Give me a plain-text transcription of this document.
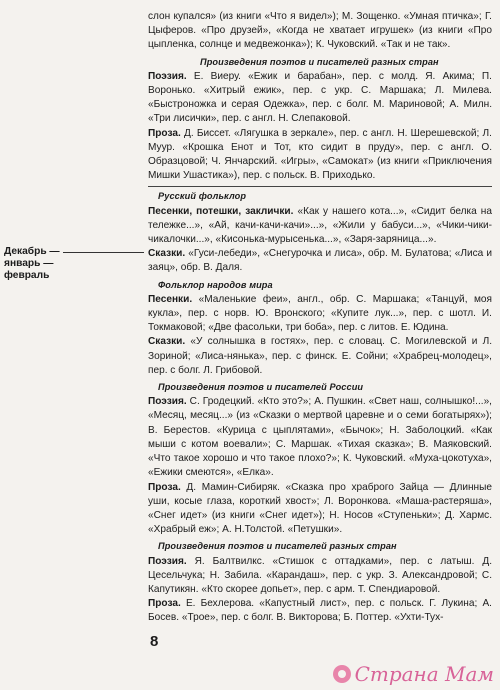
слон купался» (из книги «Что я видел»); М. Зощенко. «Умная птичка»; Г. Цыферов. «Про друзей», «Когда не хватает игрушек» (из книги «Про цыпленка, солнце и медвежонка»); К. Чуковский. «Так и не так».

Произведения поэтов и писателей разных стран

Поэзия. Е. Виеру. «Ежик и барабан», пер. с молд. Я. Акима; П. Воронько. «Хитрый ежик», пер. с укр. С. Маршака; Л. Милева. «Быстроножка и серая Одежка», пер. с болг. М. Мариновой; А. Милн. «Три лисички», пер. с англ. Н. Слепаковой.

Проза. Д. Биссет. «Лягушка в зеркале», пер. с англ. Н. Шерешевской; Л. Муур. «Крошка Енот и Тот, кто сидит в пруду», пер. с англ. О. Образцовой; Ч. Янчарский. «Игры», «Самокат» (из книги «Приключения Мишки Ушастика»), пер. с польск. В. Приходько.

Русский фольклор

Песенки, потешки, заклички. «Как у нашего кота...», «Сидит белка на тележке...», «Ай, качи-качи-качи»...», «Жили у бабуси...», «Чики-чики-чикалочки...», «Кисонька-мурысенька...», «Заря-заряница...».

Сказки. «Гуси-лебеди», «Снегурочка и лиса», обр. М. Булатова; «Лиса и заяц», обр. В. Даля.

Фольклор народов мира

Песенки. «Маленькие феи», англ., обр. С. Маршака; «Танцуй, моя кукла», пер. с норв. Ю. Вронского; «Купите лук...», пер. с шотл. И. Токмаковой; «Две фасольки, три боба», пер. с литов. Е. Юдина.

Сказки. «У солнышка в гостях», пер. с словац. С. Могилевской и Л. Зориной; «Лиса-нянька», пер. с финск. Е. Сойни; «Храбрец-молодец», пер. с болг. Л. Грибовой.

Произведения поэтов и писателей России

Поэзия. С. Гродецкий. «Кто это?»; А. Пушкин. «Свет наш, солнышко!...», «Месяц, месяц...» (из «Сказки о мертвой царевне и о семи богатырях»); В. Берестов. «Курица с цыплятами», «Бычок»; Н. Заболоцкий. «Как мыши с котом воевали»; С. Маршак. «Тихая сказка»; В. Маяковский. «Что такое хорошо и что такое плохо?»; К. Чуковский. «Муха-цокотуха», «Ежики смеются», «Елка».

Проза. Д. Мамин-Сибиряк. «Сказка про храброго Зайца — Длинные уши, косые глаза, короткий хвост»; Л. Воронкова. «Маша-растеряша», «Снег идет» (из книги «Снег идет»); Н. Носов «Ступеньки»; Д. Хармс. «Храбрый еж»; А. Н.Толстой. «Петушки».

Произведения поэтов и писателей разных стран

Поэзия. Я. Балтвилкс. «Стишок с оттадками», пер. с латыш. Д. Цесельчука; Н. Забила. «Карандаш», пер. с укр. З. Александровой; С. Капутикян. «Кто скорее допьет», пер. с арм. Т. Спендиаровой.

Проза. Е. Бехлерова. «Капустный лист», пер. с польск. Г. Лукина; А. Босев. «Трое», пер. с болг. В. Викторова; Б. Поттер. «Ухти-Тух-

Декабрь —
январь —
февраль
8
Страна Мам
